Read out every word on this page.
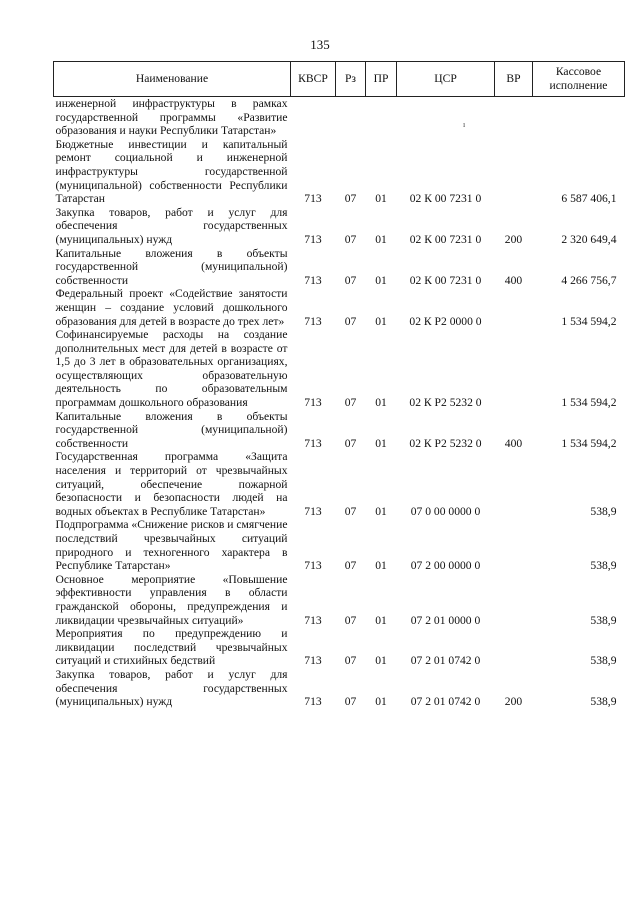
135
ı
Наименование	КВСР	Рз	ПР	ЦСР	ВР	Кассовое исполнение
инженерной инфраструктуры в рамках государственной программы «Развитие образования и науки Республики Татарстан»						
Бюджетные инвестиции и капитальный ремонт социальной и инженерной инфраструктуры государственной (муниципальной) собственности Республики Татарстан	713	07	01	02 К 00 7231 0		6 587 406,1
Закупка товаров, работ и услуг для обеспечения государственных (муниципальных) нужд	713	07	01	02 К 00 7231 0	200	2 320 649,4
Капитальные вложения в объекты государственной (муниципальной) собственности	713	07	01	02 К 00 7231 0	400	4 266 756,7
Федеральный проект «Содействие занятости женщин – создание условий дошкольного образования для детей в возрасте до трех лет»	713	07	01	02 К Р2 0000 0		1 534 594,2
Софинансируемые расходы на создание дополнительных мест для детей в возрасте от 1,5 до 3 лет в образовательных организациях, осуществляющих образовательную деятельность по образовательным программам дошкольного образования	713	07	01	02 К Р2 5232 0		1 534 594,2
Капитальные вложения в объекты государственной (муниципальной) собственности	713	07	01	02 К Р2 5232 0	400	1 534 594,2
Государственная программа «Защита населения и территорий от чрезвычайных ситуаций, обеспечение пожарной безопасности и безопасности людей на водных объектах в Республике Татарстан»	713	07	01	07 0 00 0000 0		538,9
Подпрограмма «Снижение рисков и смягчение последствий чрезвычайных ситуаций природного и техногенного характера в Республике Татарстан»	713	07	01	07 2 00 0000 0		538,9
Основное мероприятие «Повышение эффективности управления в области гражданской обороны, предупреждения и ликвидации чрезвычайных ситуаций»	713	07	01	07 2 01 0000 0		538,9
Мероприятия по предупреждению и ликвидации последствий чрезвычайных ситуаций и стихийных бедствий	713	07	01	07 2 01 0742 0		538,9
Закупка товаров, работ и услуг для обеспечения государственных (муниципальных) нужд	713	07	01	07 2 01 0742 0	200	538,9
